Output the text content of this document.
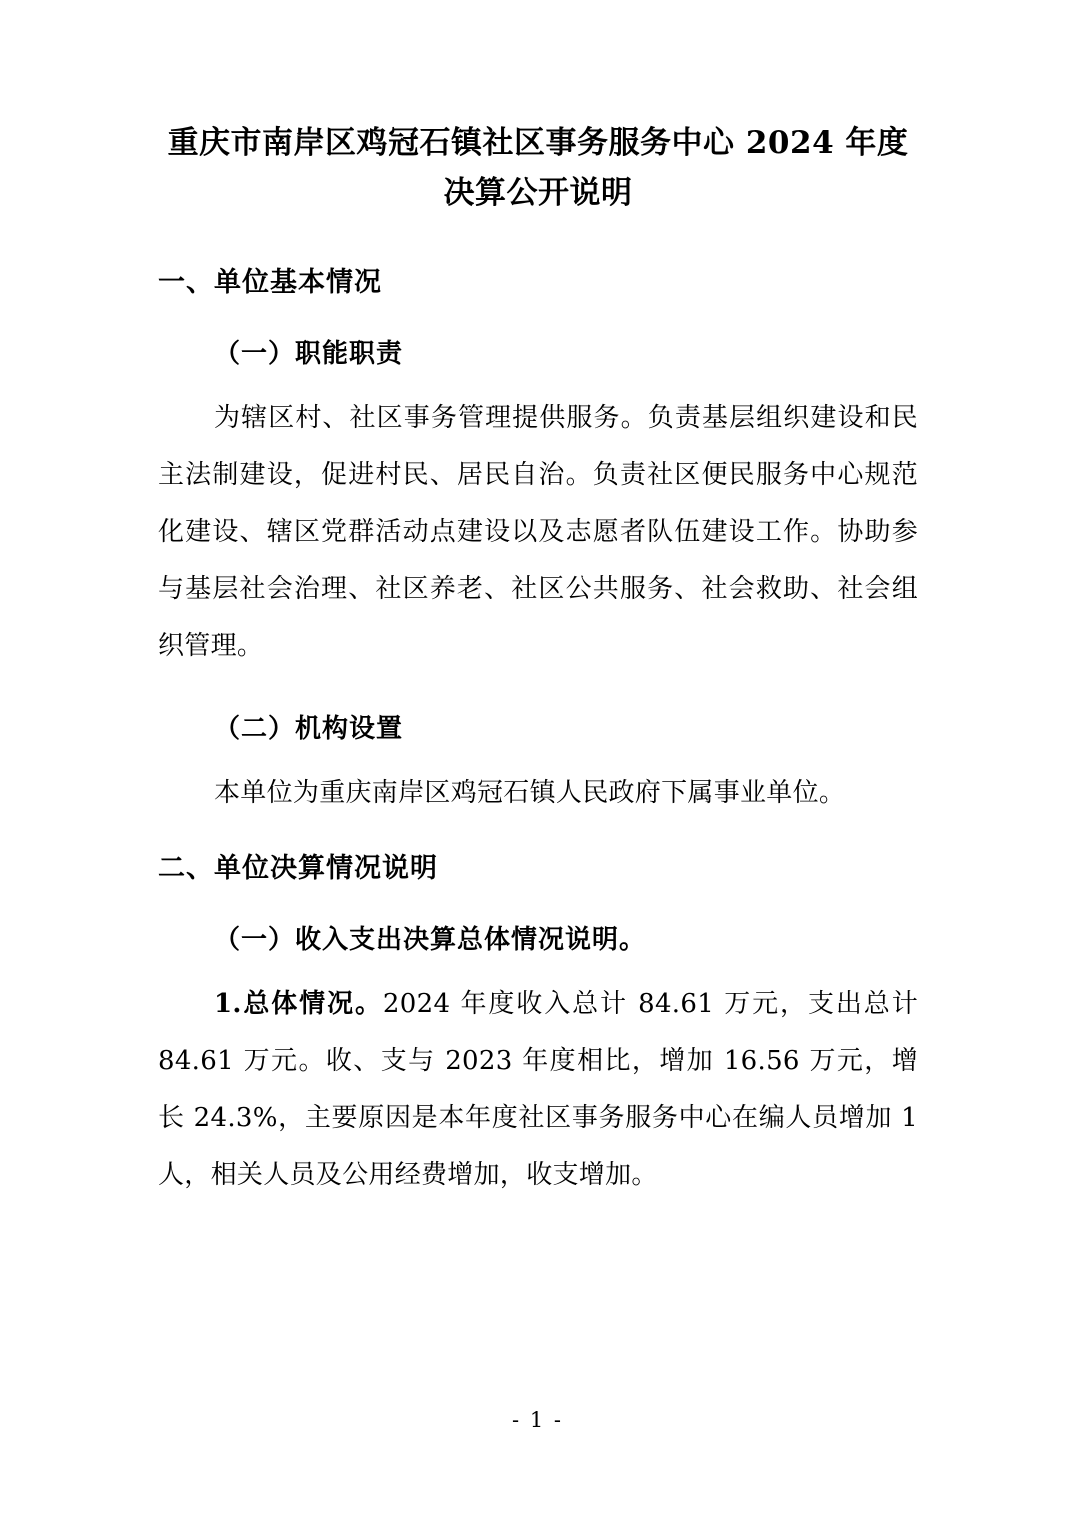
重庆市南岸区鸡冠石镇社区事务服务中心 2024 年度
决算公开说明
一、单位基本情况
（一）职能职责

为辖区村、社区事务管理提供服务。负责基层组织建设和民主法制建设，促进村民、居民自治。负责社区便民服务中心规范化建设、辖区党群活动点建设以及志愿者队伍建设工作。协助参与基层社会治理、社区养老、社区公共服务、社会救助、社会组织管理。

（二）机构设置

本单位为重庆南岸区鸡冠石镇人民政府下属事业单位。

二、单位决算情况说明
（一）收入支出决算总体情况说明。

1.总体情况。2024 年度收入总计 84.61 万元，支出总计 84.61 万元。收、支与 2023 年度相比，增加 16.56 万元，增长 24.3%，主要原因是本年度社区事务服务中心在编人员增加 1 人，相关人员及公用经费增加，收支增加。

- 1 -
